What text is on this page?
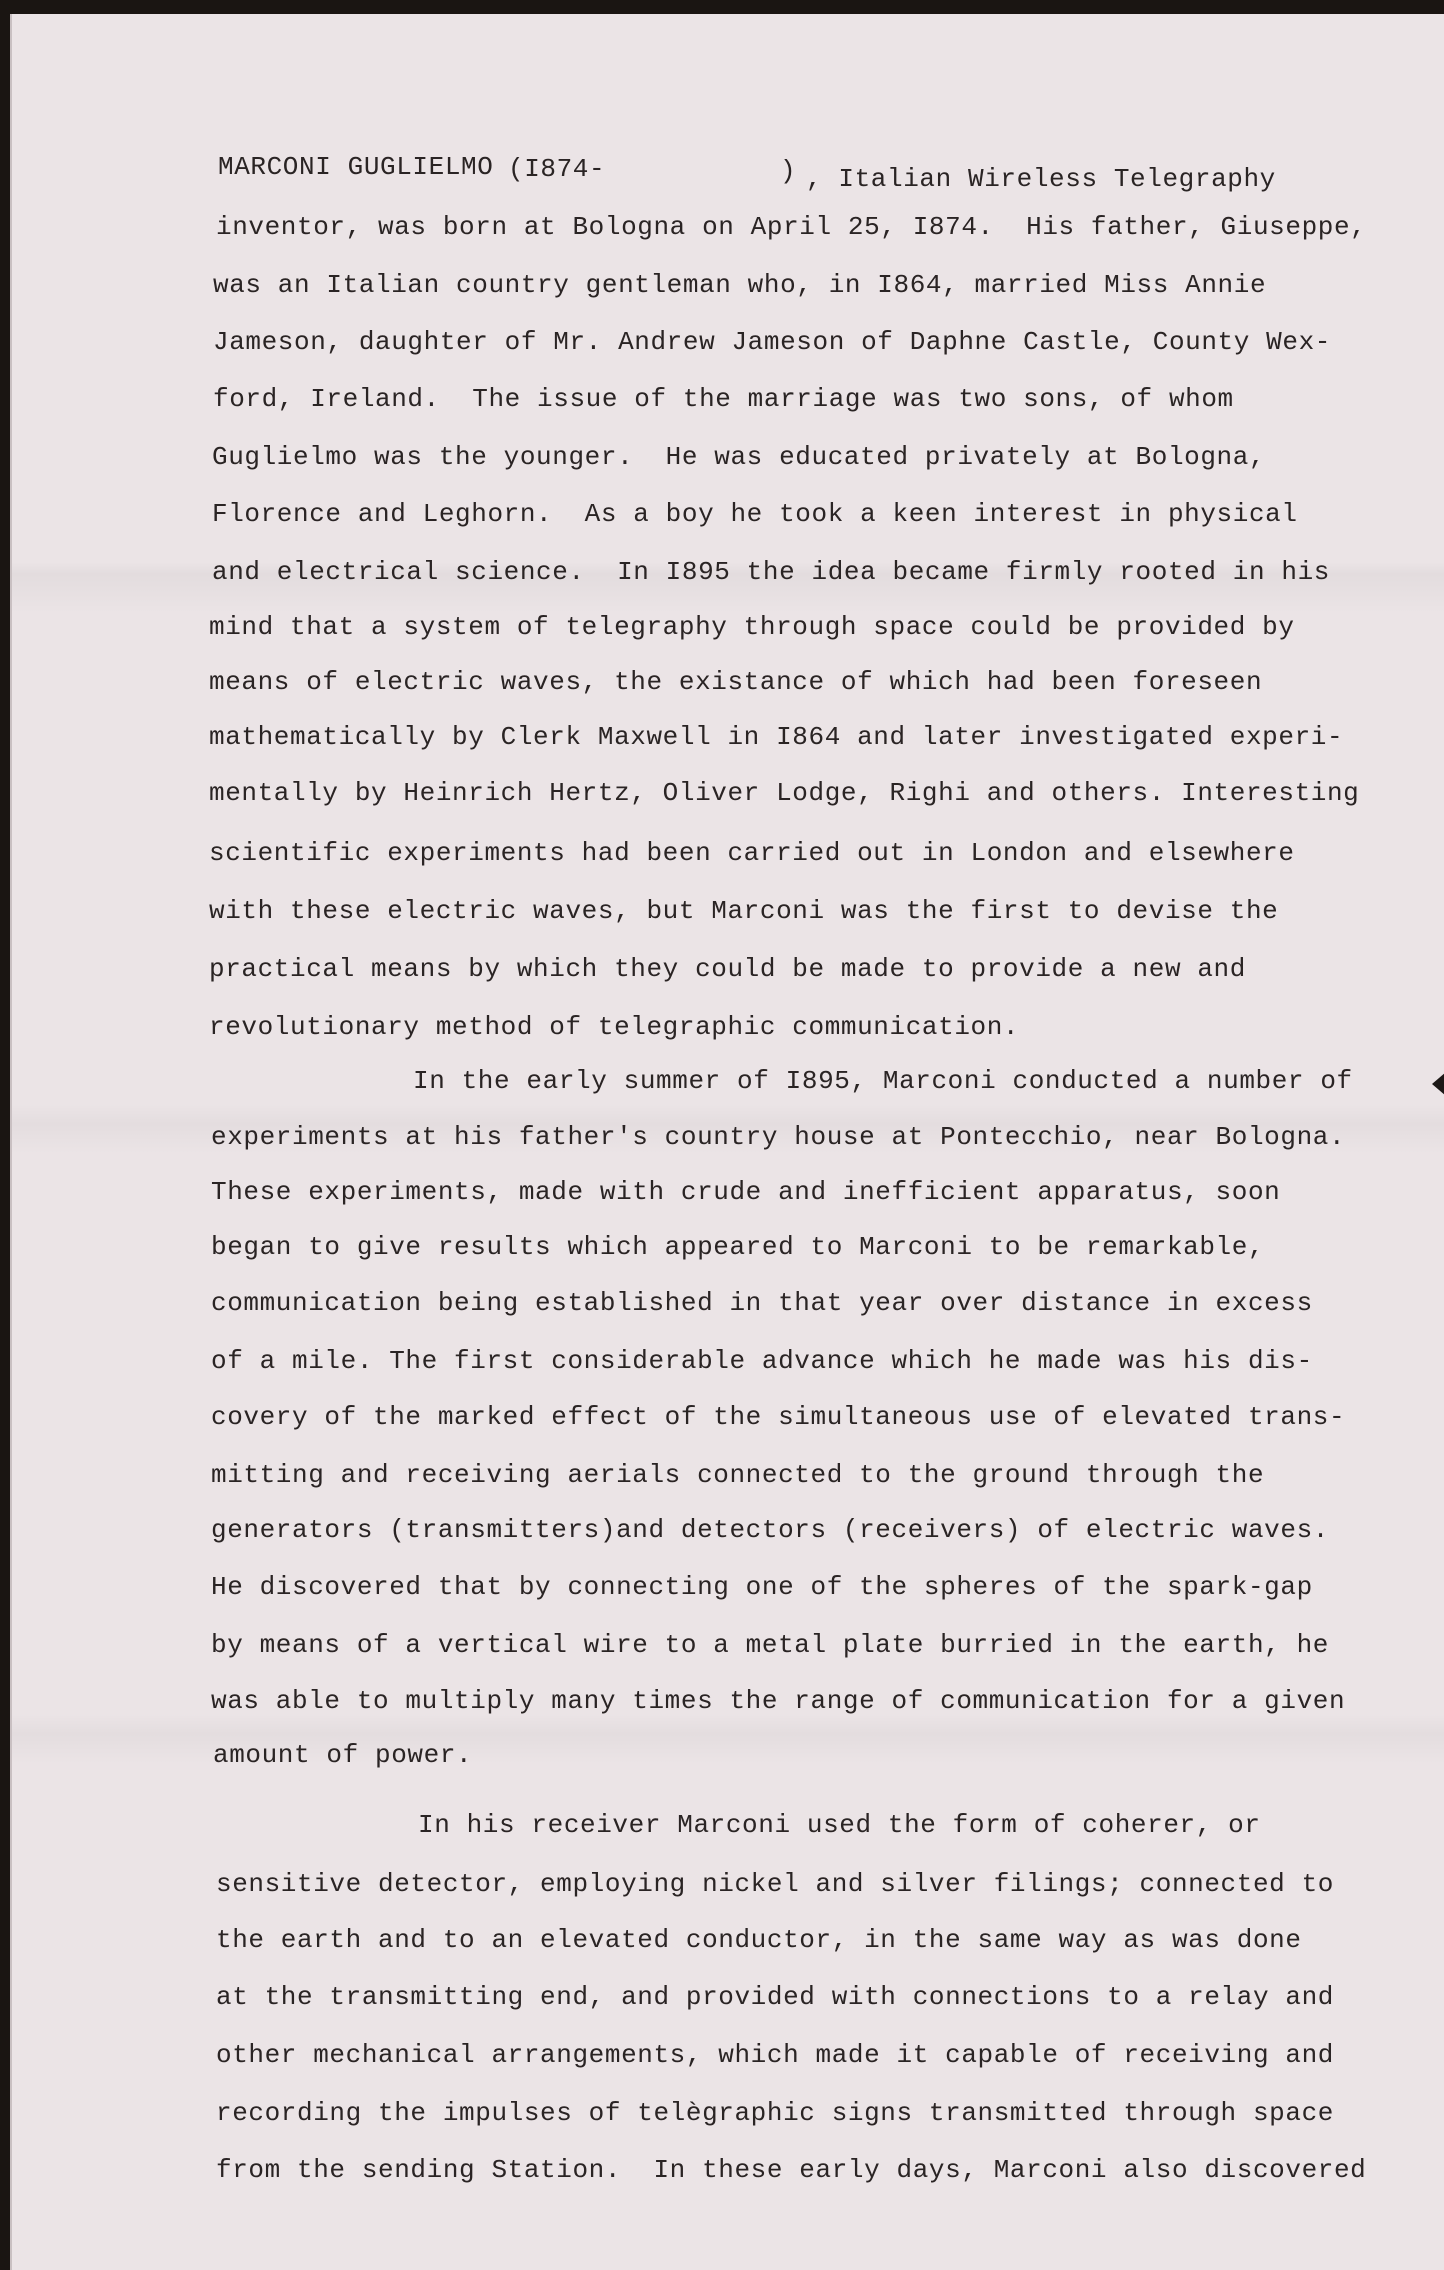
MARCONI GUGLIELMO (I874-	) , Italian Wireless Telegraphy
inventor, was born at Bologna on April 25, I874.  His father, Giuseppe,
was an Italian country gentleman who, in I864, married Miss Annie
Jameson, daughter of Mr. Andrew Jameson of Daphne Castle, County Wex-
ford, Ireland.  The issue of the marriage was two sons, of whom
Guglielmo was the younger.  He was educated privately at Bologna,
Florence and Leghorn.  As a boy he took a keen interest in physical
and electrical science.  In I895 the idea became firmly rooted in his
mind that a system of telegraphy through space could be provided by
means of electric waves, the existance of which had been foreseen
mathematically by Clerk Maxwell in I864 and later investigated experi-
mentally by Heinrich Hertz, Oliver Lodge, Righi and others. Interesting
scientific experiments had been carried out in London and elsewhere
with these electric waves, but Marconi was the first to devise the
practical means by which they could be made to provide a new and
revolutionary method of telegraphic communication.
In the early summer of I895, Marconi conducted a number of
experiments at his father's country house at Pontecchio, near Bologna.
These experiments, made with crude and inefficient apparatus, soon
began to give results which appeared to Marconi to be remarkable,
communication being established in that year over distance in excess
of a mile. The first considerable advance which he made was his dis-
covery of the marked effect of the simultaneous use of elevated trans-
mitting and receiving aerials connected to the ground through the
generators (transmitters)and detectors (receivers) of electric waves.
He discovered that by connecting one of the spheres of the spark-gap
by means of a vertical wire to a metal plate burried in the earth, he
was able to multiply many times the range of communication for a given
amount of power.
In his receiver Marconi used the form of coherer, or
sensitive detector, employing nickel and silver filings; connected to
the earth and to an elevated conductor, in the same way as was done
at the transmitting end, and provided with connections to a relay and
other mechanical arrangements, which made it capable of receiving and
recording the impulses of telègraphic signs transmitted through space
from the sending Station.  In these early days, Marconi also discovered
